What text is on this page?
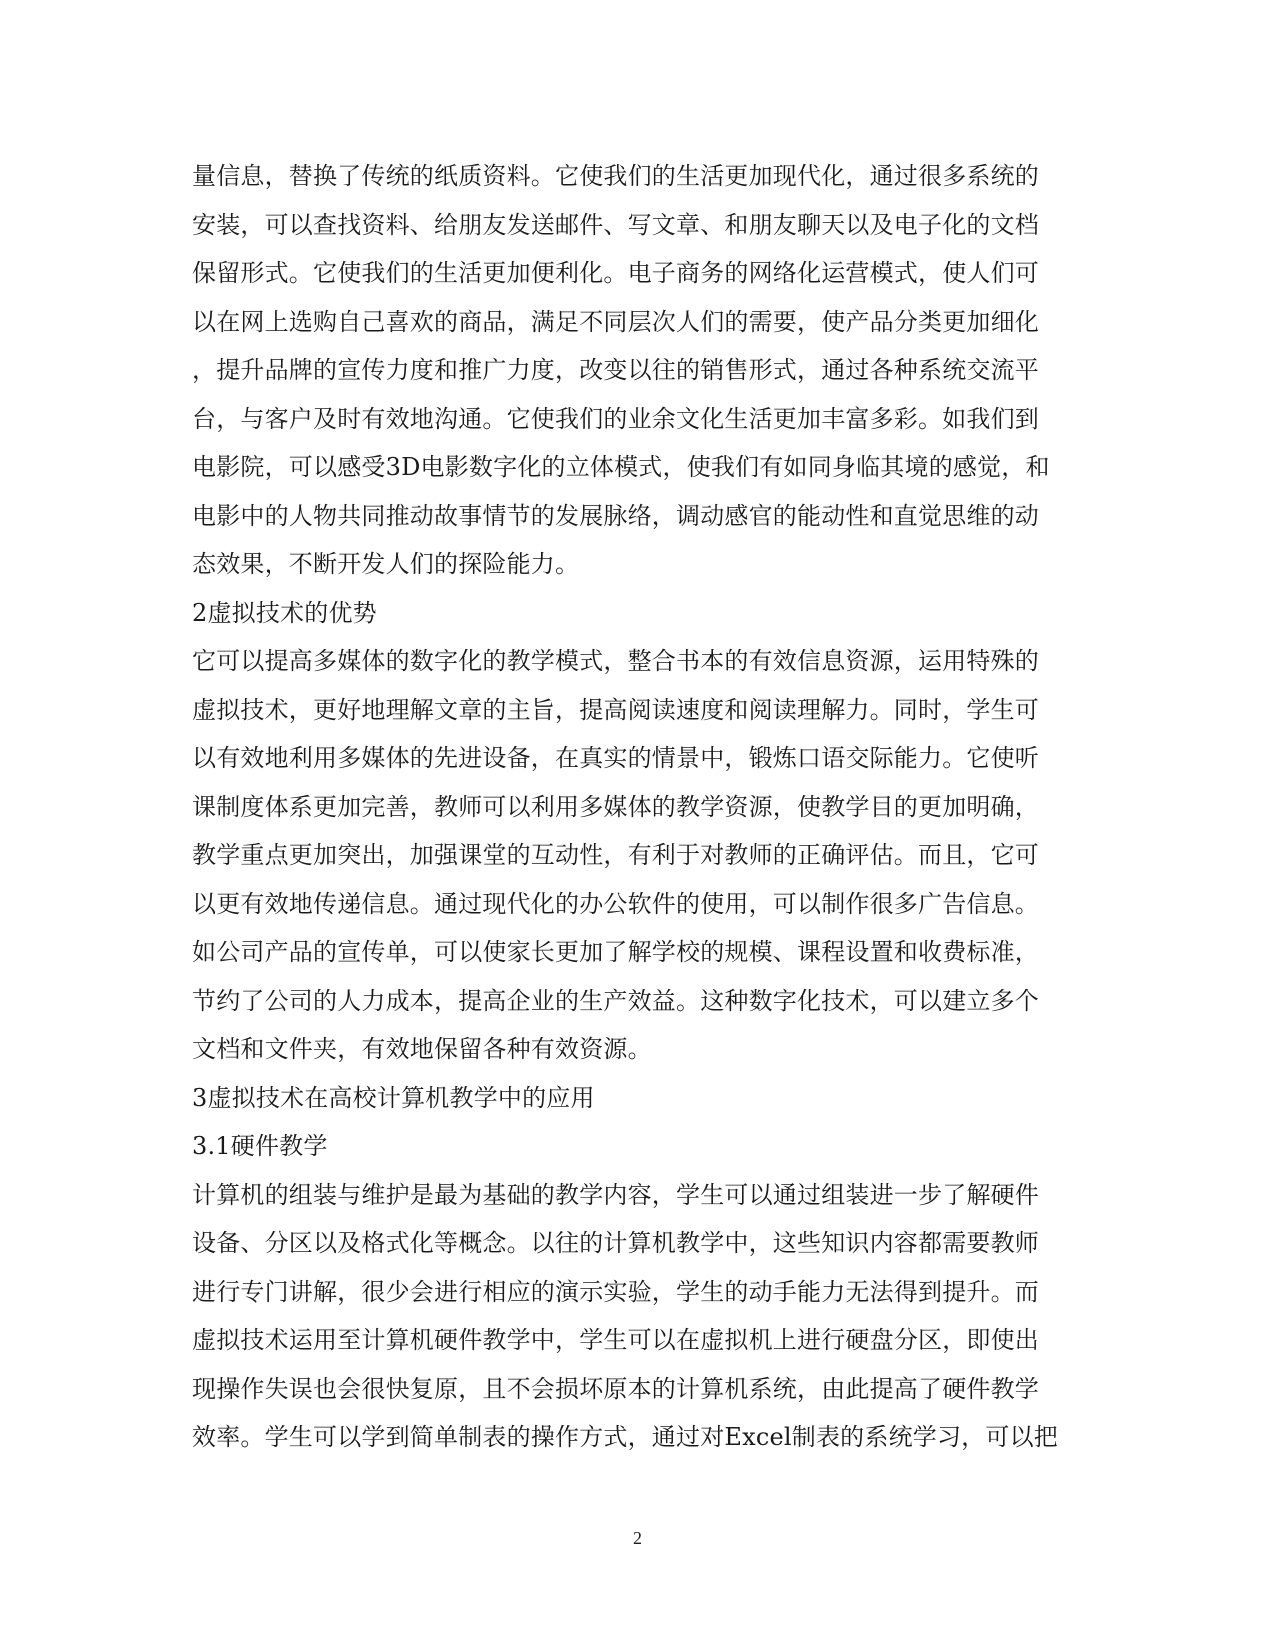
量信息，替换了传统的纸质资料。它使我们的生活更加现代化，通过很多系统的
安装，可以查找资料、给朋友发送邮件、写文章、和朋友聊天以及电子化的文档
保留形式。它使我们的生活更加便利化。电子商务的网络化运营模式，使人们可
以在网上选购自己喜欢的商品，满足不同层次人们的需要，使产品分类更加细化
，提升品牌的宣传力度和推广力度，改变以往的销售形式，通过各种系统交流平
台，与客户及时有效地沟通。它使我们的业余文化生活更加丰富多彩。如我们到
电影院，可以感受3D电影数字化的立体模式，使我们有如同身临其境的感觉，和
电影中的人物共同推动故事情节的发展脉络，调动感官的能动性和直觉思维的动
态效果，不断开发人们的探险能力。
2虚拟技术的优势
它可以提高多媒体的数字化的教学模式，整合书本的有效信息资源，运用特殊的
虚拟技术，更好地理解文章的主旨，提高阅读速度和阅读理解力。同时，学生可
以有效地利用多媒体的先进设备，在真实的情景中，锻炼口语交际能力。它使听
课制度体系更加完善，教师可以利用多媒体的教学资源，使教学目的更加明确，
教学重点更加突出，加强课堂的互动性，有利于对教师的正确评估。而且，它可
以更有效地传递信息。通过现代化的办公软件的使用，可以制作很多广告信息。
如公司产品的宣传单，可以使家长更加了解学校的规模、课程设置和收费标准，
节约了公司的人力成本，提高企业的生产效益。这种数字化技术，可以建立多个
文档和文件夹，有效地保留各种有效资源。
3虚拟技术在高校计算机教学中的应用
3.1硬件教学
计算机的组装与维护是最为基础的教学内容，学生可以通过组装进一步了解硬件
设备、分区以及格式化等概念。以往的计算机教学中，这些知识内容都需要教师
进行专门讲解，很少会进行相应的演示实验，学生的动手能力无法得到提升。而
虚拟技术运用至计算机硬件教学中，学生可以在虚拟机上进行硬盘分区，即使出
现操作失误也会很快复原，且不会损坏原本的计算机系统，由此提高了硬件教学
效率。学生可以学到简单制表的操作方式，通过对Excel制表的系统学习，可以把
2
